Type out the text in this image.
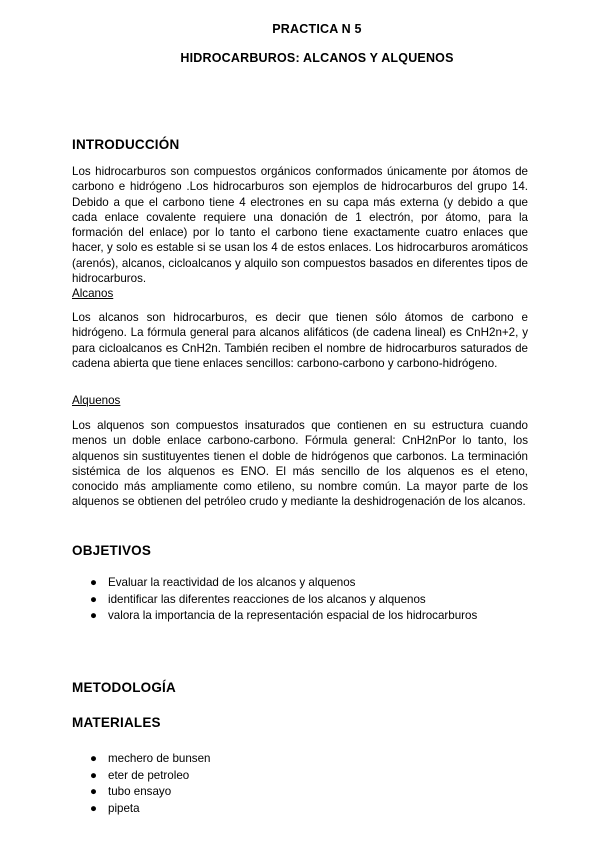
PRACTICA N 5
HIDROCARBUROS: ALCANOS Y ALQUENOS
INTRODUCCIÓN

Los hidrocarburos son compuestos orgánicos conformados únicamente por átomos de carbono e hidrógeno .Los hidrocarburos son ejemplos de hidrocarburos del grupo 14. Debido a que el carbono tiene 4 electrones en su capa más externa (y debido a que cada enlace covalente requiere una donación de 1 electrón, por átomo, para la formación del enlace) por lo tanto el carbono tiene exactamente cuatro enlaces que hacer, y solo es estable si se usan los 4 de estos enlaces. Los hidrocarburos aromáticos (arenós), alcanos, cicloalcanos y alquilo son compuestos basados en diferentes tipos de hidrocarburos.

Alcanos

Los alcanos son hidrocarburos, es decir que tienen sólo átomos de carbono e hidrógeno. La fórmula general para alcanos alifáticos (de cadena lineal) es CnH2n+2, y para cicloalcanos es CnH2n. También reciben el nombre de hidrocarburos saturados de cadena abierta que tiene enlaces sencillos: carbono-carbono y carbono-hidrógeno.

Alquenos

Los alquenos son compuestos insaturados que contienen en su estructura cuando menos un doble enlace carbono-carbono. Fórmula general: CnH2nPor lo tanto, los alquenos sin sustituyentes tienen el doble de hidrógenos que carbonos. La terminación sistémica de los alquenos es ENO. El más sencillo de los alquenos es el eteno, conocido más ampliamente como etileno, su nombre común. La mayor parte de los alquenos se obtienen del petróleo crudo y mediante la deshidrogenación de los alcanos.

OBJETIVOS
● Evaluar la reactividad de los alcanos y alquenos
● identificar las diferentes reacciones de los alcanos y alquenos
● valora la importancia de la representación espacial de los hidrocarburos
METODOLOGÍA
MATERIALES
● mechero de bunsen
● eter de petroleo
● tubo ensayo
● pipeta
